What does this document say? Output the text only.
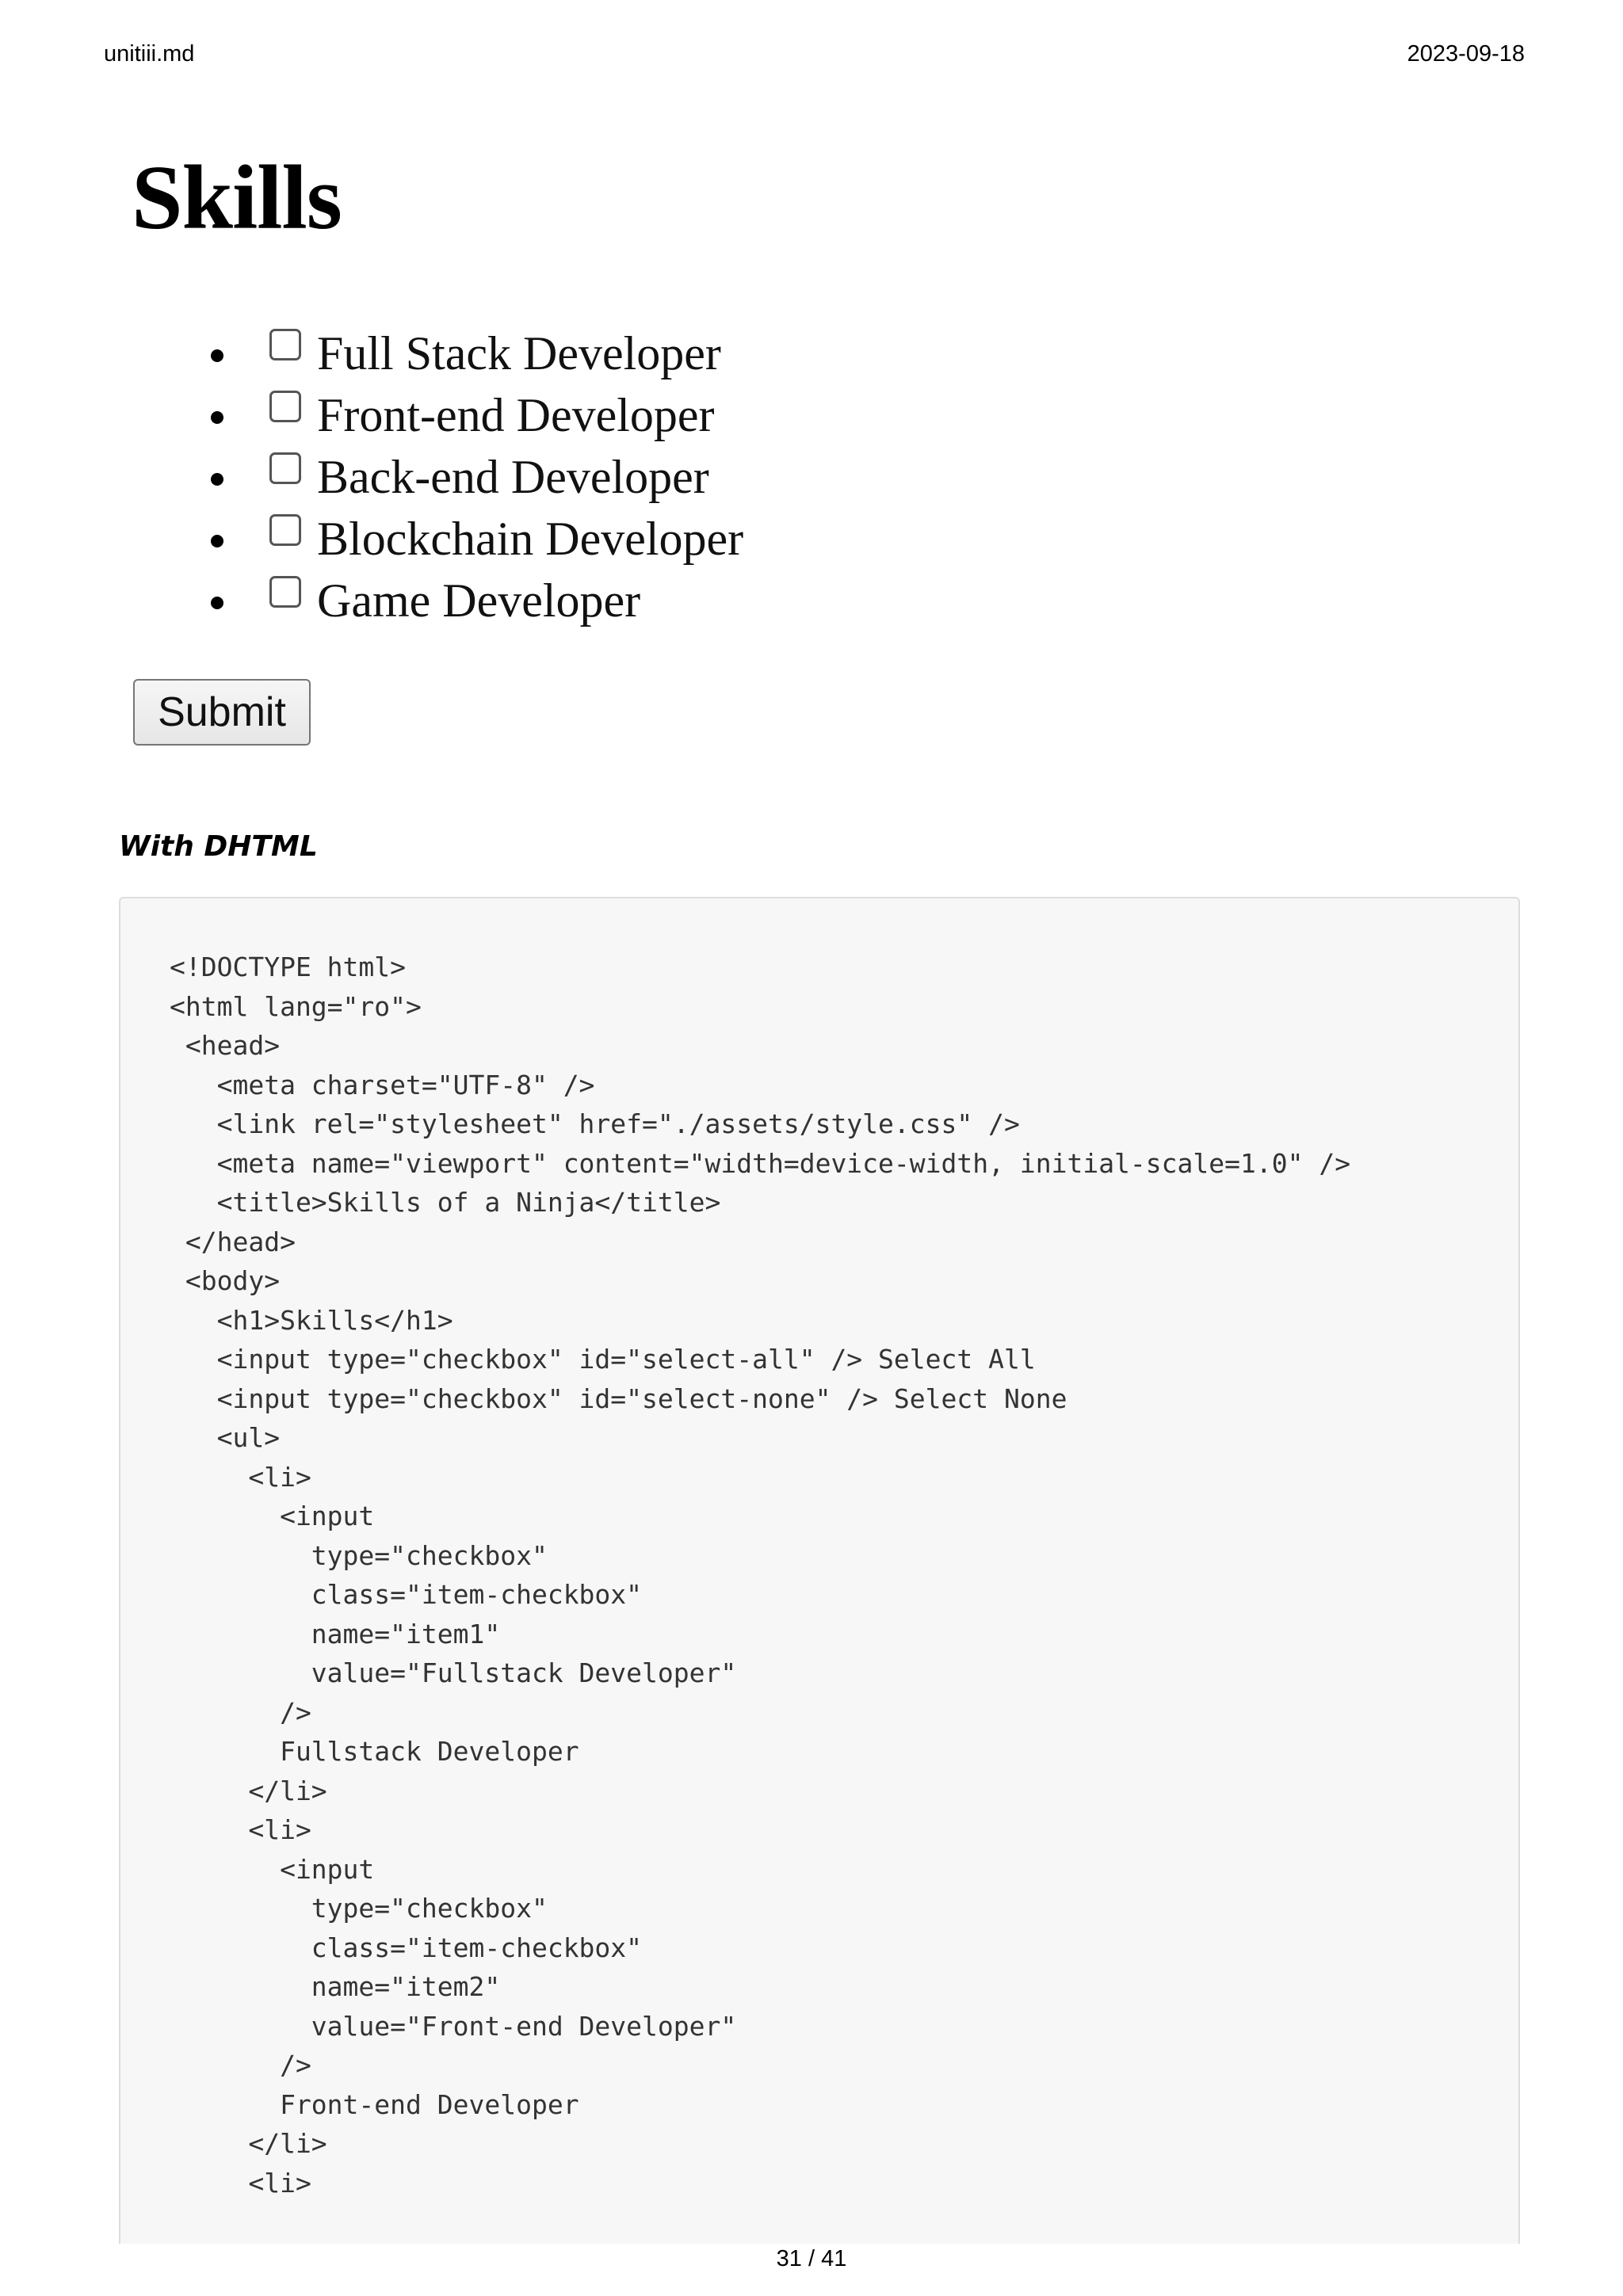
unitiii.md	2023-09-18
Skills
Full Stack Developer
Front-end Developer
Back-end Developer
Blockchain Developer
Game Developer
Submit
With DHTML
<!DOCTYPE html>
<html lang="ro">
<head>
<meta charset="UTF-8" />
<link rel="stylesheet" href="./assets/style.css" />
<meta name="viewport" content="width=device-width, initial-scale=1.0" />
<title>Skills of a Ninja</title>
</head>
<body>
<h1>Skills</h1>
<input type="checkbox" id="select-all" /> Select All
<input type="checkbox" id="select-none" /> Select None
<ul>
<li>
<input
type="checkbox"
class="item-checkbox"
name="item1"
value="Fullstack Developer"
/>
Fullstack Developer
</li>
<li>
<input
type="checkbox"
class="item-checkbox"
name="item2"
value="Front-end Developer"
/>
Front-end Developer
</li>
<li>
31 / 41
